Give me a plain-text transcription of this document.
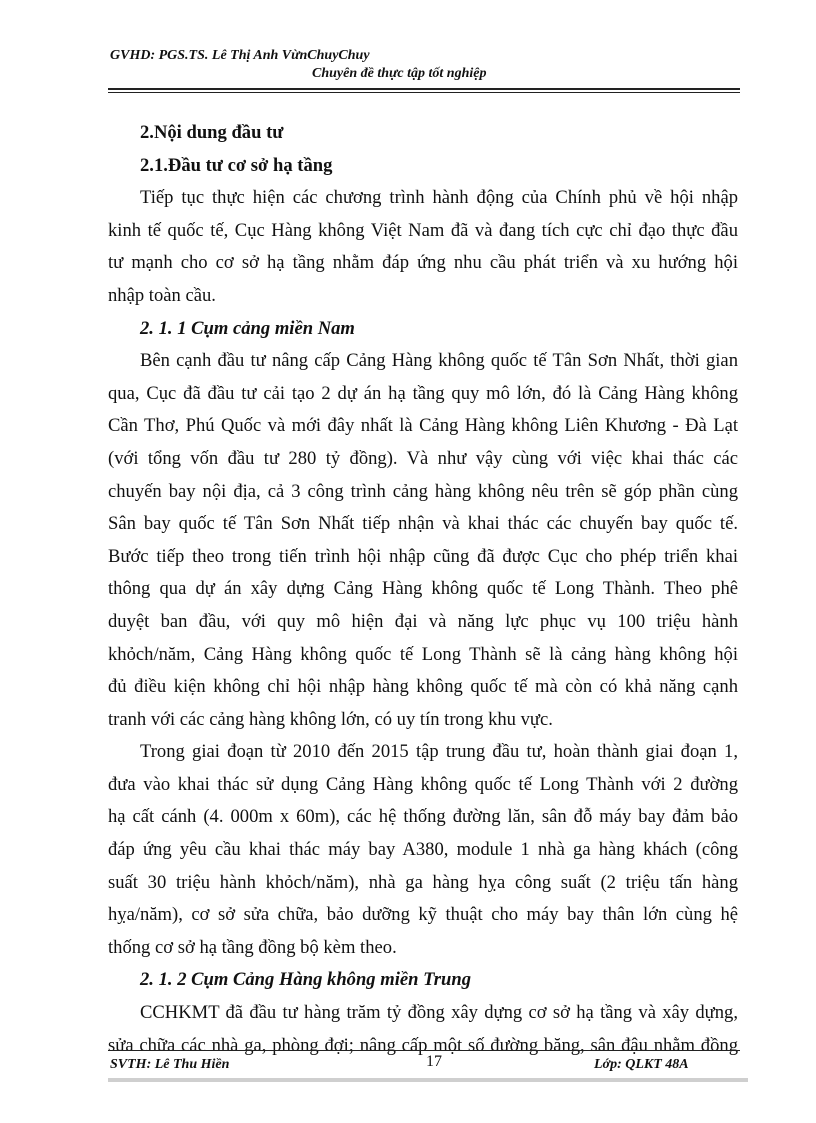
GVHD: PGS.TS. Lê Thị Anh VừnChuyChuy
Chuyên đề thực tập tốt nghiệp
2.Nội dung đầu tư
2.1.Đầu tư cơ sở hạ tầng
Tiếp tục thực hiện các chương trình hành động của Chính phủ về hội nhập
kinh tế quốc tế, Cục Hàng không Việt Nam đã và đang tích cực chỉ đạo thực đầu
tư mạnh cho cơ sở hạ tầng nhằm đáp ứng nhu cầu phát triển và xu hướng hội
nhập toàn cầu.
2. 1. 1 Cụm cảng miền Nam
Bên cạnh đầu tư nâng cấp Cảng Hàng không quốc tế Tân Sơn Nhất, thời gian
qua, Cục đã đầu tư cải tạo 2 dự án hạ tầng quy mô lớn, đó là Cảng Hàng không
Cần Thơ, Phú Quốc và mới đây nhất là Cảng Hàng không Liên Khương - Đà Lạt
(với tổng vốn đầu tư 280 tỷ đồng). Và như vậy cùng với việc khai thác các
chuyến bay nội địa, cả 3 công trình cảng hàng không nêu trên sẽ góp phần cùng
Sân bay quốc tế Tân Sơn Nhất tiếp nhận và khai thác các chuyến bay quốc tế.
Bước tiếp theo trong tiến trình hội nhập cũng đã được Cục cho phép triển khai
thông qua dự án xây dựng Cảng Hàng không quốc tế Long Thành. Theo phê
duyệt ban đầu, với quy mô hiện đại và năng lực phục vụ 100 triệu hành
khỏch/năm, Cảng Hàng không quốc tế Long Thành sẽ là cảng hàng không hội
đủ điều kiện không chỉ hội nhập hàng không quốc tế mà còn có khả năng cạnh
tranh với các cảng hàng không lớn, có uy tín trong khu vực.
Trong giai đoạn từ 2010 đến 2015 tập trung đầu tư, hoàn thành giai đoạn 1,
đưa vào khai thác sử dụng Cảng Hàng không quốc tế Long Thành với 2 đường
hạ cất cánh (4. 000m x 60m), các hệ thống đường lăn, sân đỗ máy bay đảm bảo
đáp ứng yêu cầu khai thác máy bay A380, module 1 nhà ga hàng khách (công
suất 30 triệu hành khỏch/năm), nhà ga hàng hỵa công suất (2 triệu tấn hàng
hỵa/năm), cơ sở sửa chữa, bảo dưỡng kỹ thuật cho máy bay thân lớn cùng hệ
thống cơ sở hạ tầng đồng bộ kèm theo.
2. 1. 2 Cụm Cảng Hàng không miền Trung
CCHKMT đã đầu tư hàng trăm tỷ đồng xây dựng cơ sở hạ tầng và xây dựng,
sửa chữa các nhà ga, phòng đợi; nâng cấp một số đường băng, sân đậu nhằm đồng
SVTH: Lê Thu Hiền	17	Lớp: QLKT 48A
